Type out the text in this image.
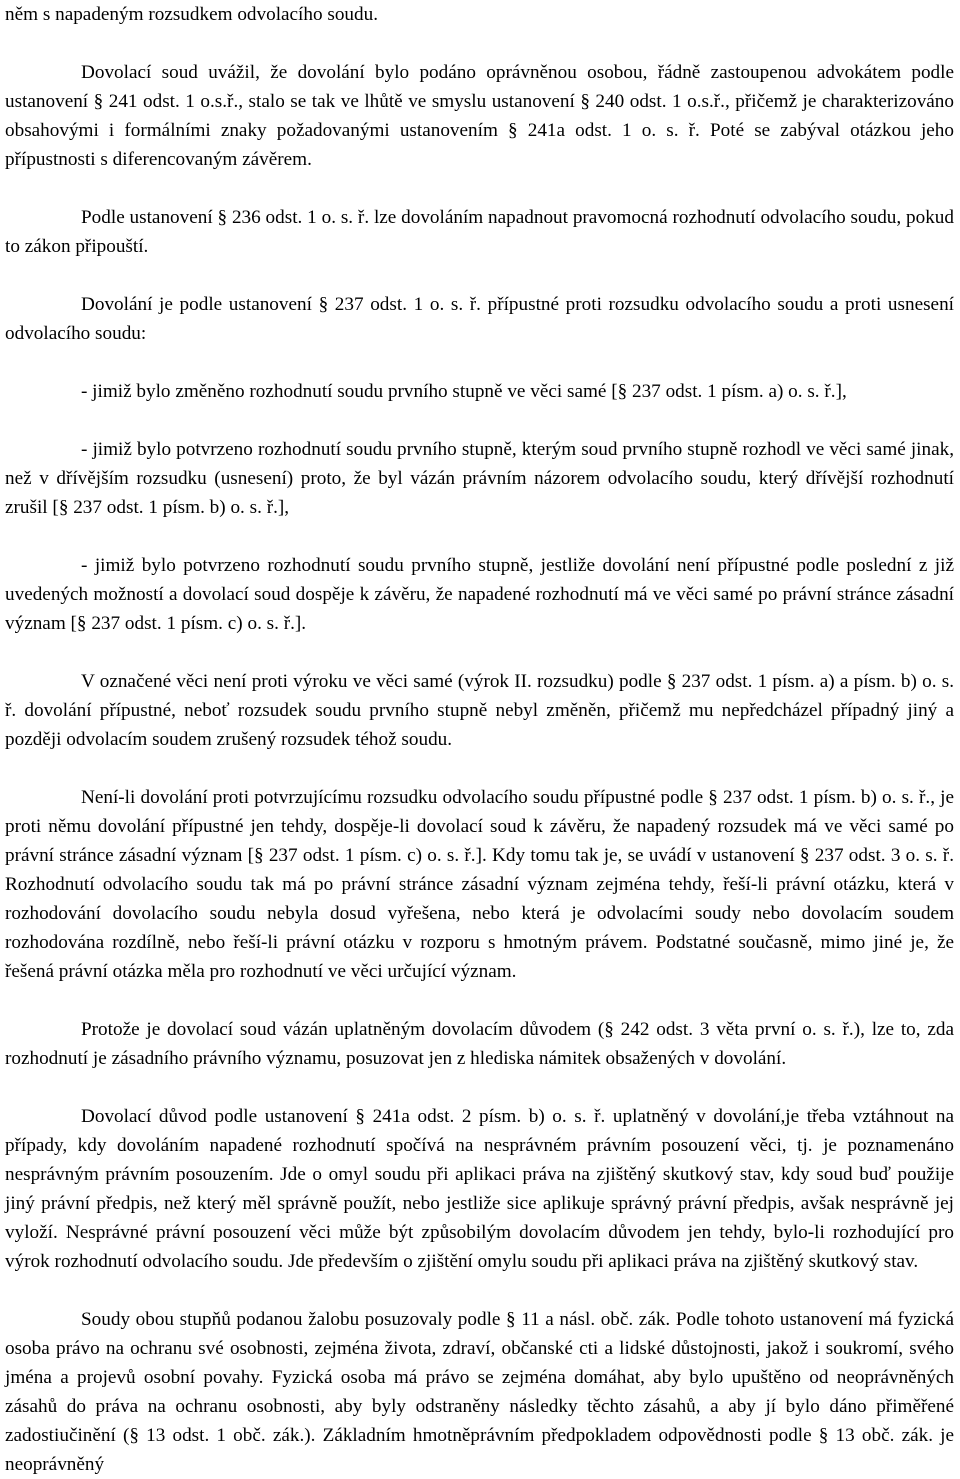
něm s napadeným rozsudkem odvolacího soudu.

Dovolací soud uvážil, že dovolání bylo podáno oprávněnou osobou, řádně zastoupenou advokátem podle ustanovení § 241 odst. 1 o.s.ř., stalo se tak ve lhůtě ve smyslu ustanovení § 240 odst. 1 o.s.ř., přičemž je charakterizováno obsahovými i formálními znaky požadovanými ustanovením § 241a odst. 1 o. s. ř. Poté se zabýval otázkou jeho přípustnosti s diferencovaným závěrem.

Podle ustanovení § 236 odst. 1 o. s. ř. lze dovoláním napadnout pravomocná rozhodnutí odvolacího soudu, pokud to zákon připouští.

Dovolání je podle ustanovení § 237 odst. 1 o. s. ř. přípustné proti rozsudku odvolacího soudu a proti usnesení odvolacího soudu:

- jimiž bylo změněno rozhodnutí soudu prvního stupně ve věci samé [§ 237 odst. 1 písm. a) o. s. ř.],

- jimiž bylo potvrzeno rozhodnutí soudu prvního stupně, kterým soud prvního stupně rozhodl ve věci samé jinak, než v dřívějším rozsudku (usnesení) proto, že byl vázán právním názorem odvolacího soudu, který dřívější rozhodnutí zrušil [§ 237 odst. 1 písm. b) o. s. ř.],

- jimiž bylo potvrzeno rozhodnutí soudu prvního stupně, jestliže dovolání není přípustné podle poslední z již uvedených možností a dovolací soud dospěje k závěru, že napadené rozhodnutí má ve věci samé po právní stránce zásadní význam [§ 237 odst. 1 písm. c) o. s. ř.].

V označené věci není proti výroku ve věci samé (výrok II. rozsudku) podle § 237 odst. 1 písm. a) a písm. b) o. s. ř. dovolání přípustné, neboť rozsudek soudu prvního stupně nebyl změněn, přičemž mu nepředcházel případný jiný a později odvolacím soudem zrušený rozsudek téhož soudu.

Není-li dovolání proti potvrzujícímu rozsudku odvolacího soudu přípustné podle § 237 odst. 1 písm. b) o. s. ř., je proti němu dovolání přípustné jen tehdy, dospěje-li dovolací soud k závěru, že napadený rozsudek má ve věci samé po právní stránce zásadní význam [§ 237 odst. 1 písm. c) o. s. ř.]. Kdy tomu tak je, se uvádí v ustanovení § 237 odst. 3 o. s. ř. Rozhodnutí odvolacího soudu tak má po právní stránce zásadní význam zejména tehdy, řeší-li právní otázku, která v rozhodování dovolacího soudu nebyla dosud vyřešena, nebo která je odvolacími soudy nebo dovolacím soudem rozhodována rozdílně, nebo řeší-li právní otázku v rozporu s hmotným právem. Podstatné současně, mimo jiné je, že řešená právní otázka měla pro rozhodnutí ve věci určující význam.

Protože je dovolací soud vázán uplatněným dovolacím důvodem (§ 242 odst. 3 věta první o. s. ř.), lze to, zda rozhodnutí je zásadního právního významu, posuzovat jen z hlediska námitek obsažených v dovolání.

Dovolací důvod podle ustanovení § 241a odst. 2 písm. b) o. s. ř. uplatněný v dovolání,je třeba vztáhnout na případy, kdy dovoláním napadené rozhodnutí spočívá na nesprávném právním posouzení věci, tj. je poznamenáno nesprávným právním posouzením. Jde o omyl soudu při aplikaci práva na zjištěný skutkový stav, kdy soud buď použije jiný právní předpis, než který měl správně použít, nebo jestliže sice aplikuje správný právní předpis, avšak nesprávně jej vyloží. Nesprávné právní posouzení věci může být způsobilým dovolacím důvodem jen tehdy, bylo-li rozhodující pro výrok rozhodnutí odvolacího soudu. Jde především o zjištění omylu soudu při aplikaci práva na zjištěný skutkový stav.

Soudy obou stupňů podanou žalobu posuzovaly podle § 11 a násl. obč. zák. Podle tohoto ustanovení má fyzická osoba právo na ochranu své osobnosti, zejména života, zdraví, občanské cti a lidské důstojnosti, jakož i soukromí, svého jména a projevů osobní povahy. Fyzická osoba má právo se zejména domáhat, aby bylo upuštěno od neoprávněných zásahů do práva na ochranu osobnosti, aby byly odstraněny následky těchto zásahů, a aby jí bylo dáno přiměřené zadostiučinění (§ 13 odst. 1 obč. zák.). Základním hmotněprávním předpokladem odpovědnosti podle § 13 obč. zák. je neoprávněný
